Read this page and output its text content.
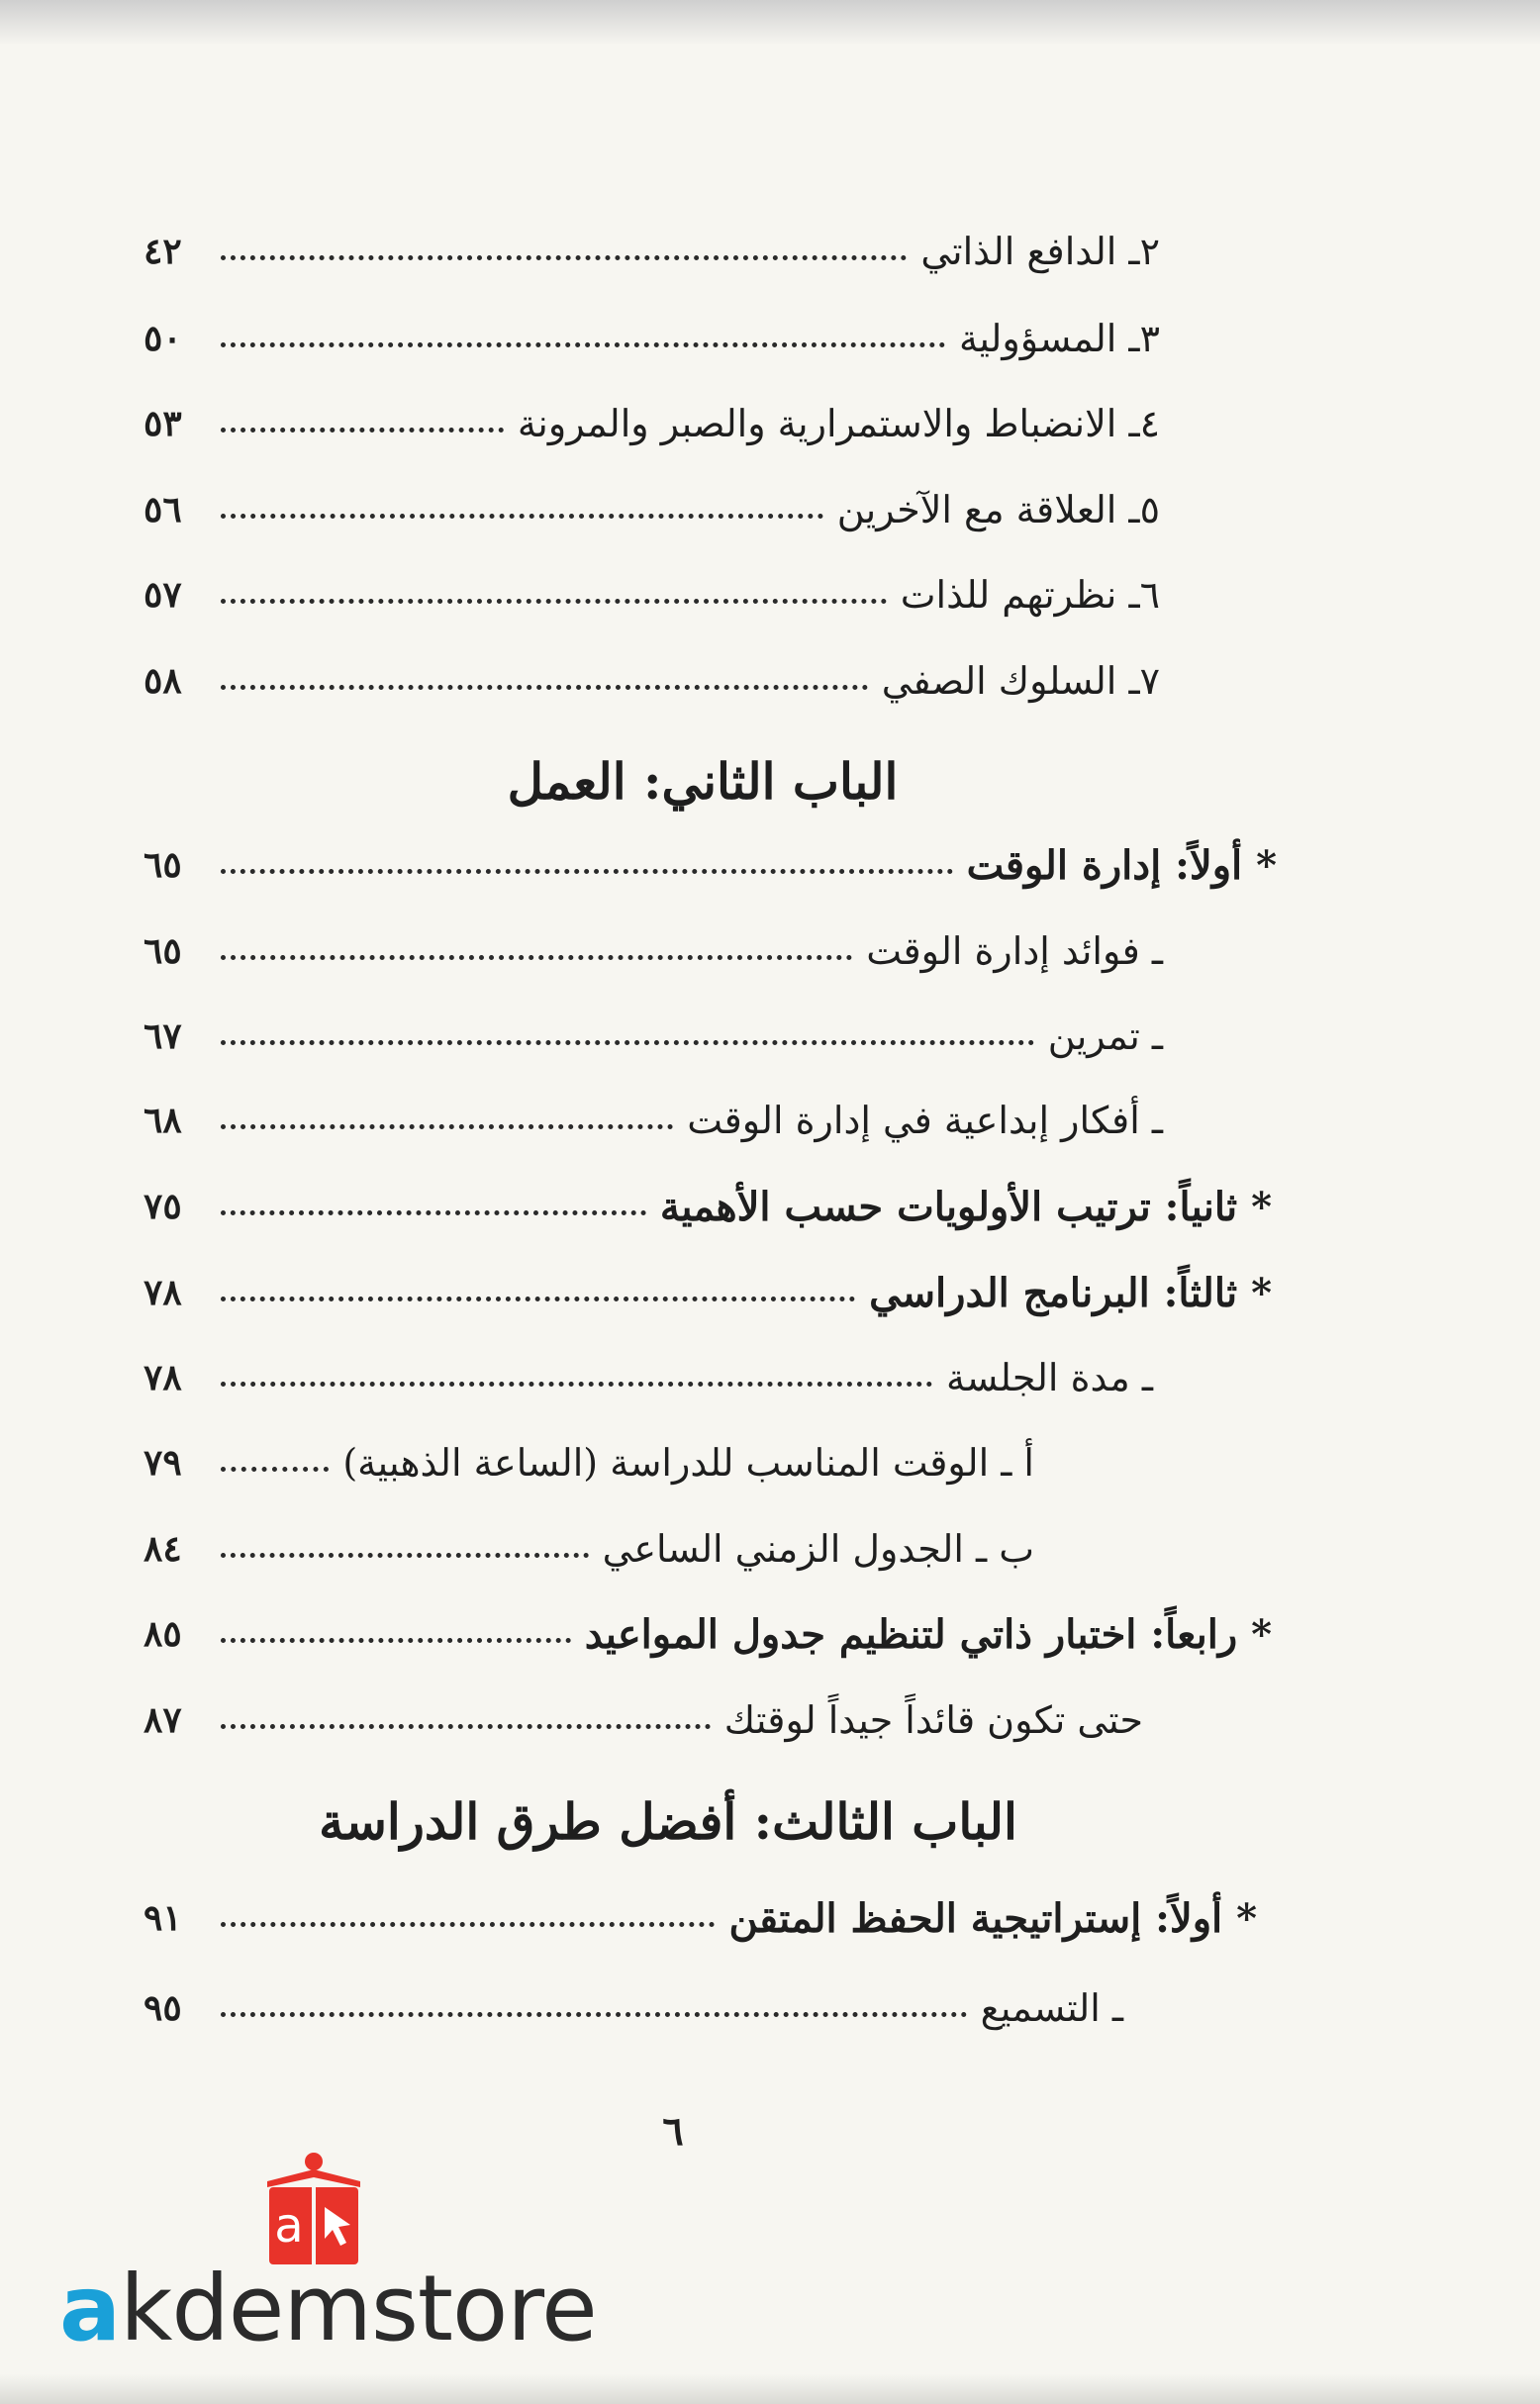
٢ـ الدافع الذاتي
٤٢
٣ـ المسؤولية
٥٠
٤ـ الانضباط والاستمرارية والصبر والمرونة
٥٣
٥ـ العلاقة مع الآخرين
٥٦
٦ـ نظرتهم للذات
٥٧
٧ـ السلوك الصفي
٥٨
الباب الثاني: العمل
* أولاً: إدارة الوقت
٦٥
ـ فوائد إدارة الوقت
٦٥
ـ تمرين
٦٧
ـ أفكار إبداعية في إدارة الوقت
٦٨
* ثانياً: ترتيب الأولويات حسب الأهمية
٧٥
* ثالثاً: البرنامج الدراسي
٧٨
ـ مدة الجلسة
٧٨
أ ـ الوقت المناسب للدراسة (الساعة الذهبية)
٧٩
ب ـ الجدول الزمني الساعي
٨٤
* رابعاً: اختبار ذاتي لتنظيم جدول المواعيد
٨٥
حتى تكون قائداً جيداً لوقتك
٨٧
الباب الثالث: أفضل طرق الدراسة
* أولاً: إستراتيجية الحفظ المتقن
٩١
ـ التسميع
٩٥
٦
a
akdemstore
